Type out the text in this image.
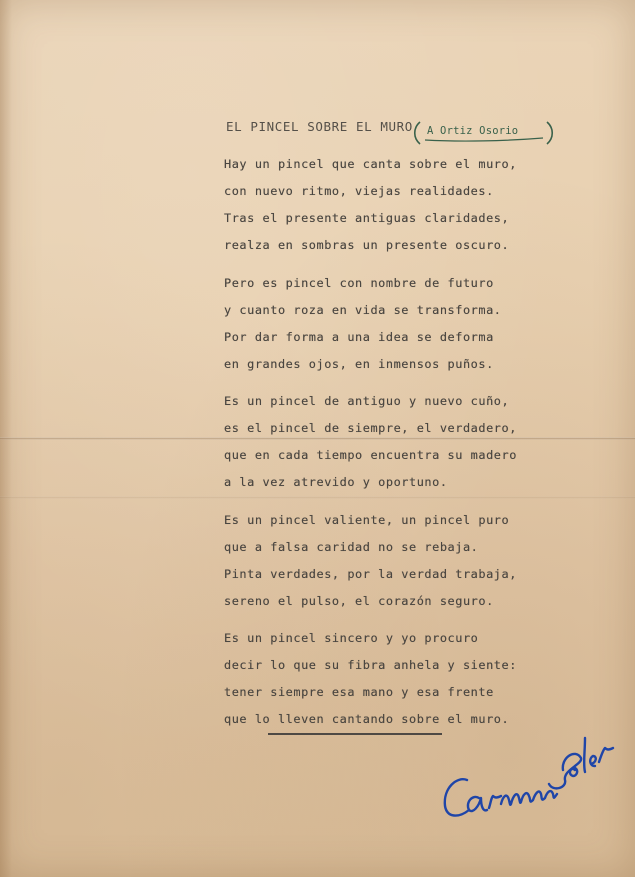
EL PINCEL SOBRE EL MURO A Ortiz Osorio
Hay un pincel que canta sobre el muro,
con nuevo ritmo, viejas realidades.
Tras el presente antiguas claridades,
realza en sombras un presente oscuro.
Pero es pincel con nombre de futuro
y cuanto roza en vida se transforma.
Por dar forma a una idea se deforma
en grandes ojos, en inmensos puños.
Es un pincel de antiguo y nuevo cuño,
es el pincel de siempre, el verdadero,
que en cada tiempo encuentra su madero
a la vez atrevido y oportuno.
Es un pincel valiente, un pincel puro
que a falsa caridad no se rebaja.
Pinta verdades, por la verdad trabaja,
sereno el pulso, el corazón seguro.
Es un pincel sincero y yo procuro
decir lo que su fibra anhela y siente:
tener siempre esa mano y esa frente
que lo lleven cantando sobre el muro.
